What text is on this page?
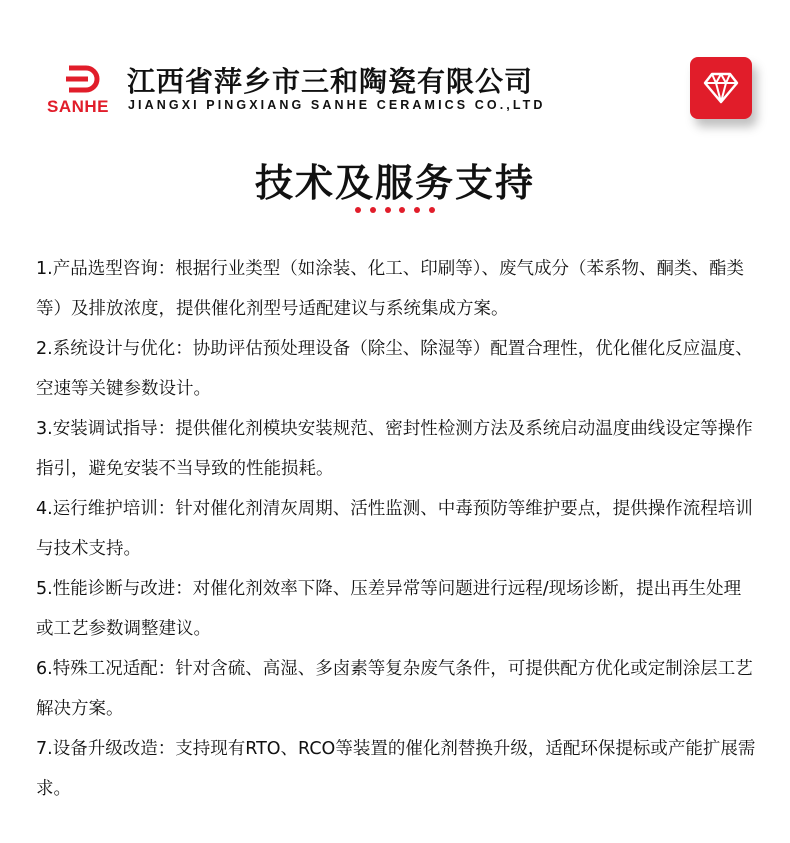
SANHE
江西省萍乡市三和陶瓷有限公司
JIANGXI PINGXIANG SANHE CERAMICS CO.,LTD
技术及服务支持
1.产品选型咨询：根据行业类型（如涂装、化工、印刷等）、废气成分（苯系物、酮类、酯类等）及排放浓度，提供催化剂型号适配建议与系统集成方案。
2.系统设计与优化：协助评估预处理设备（除尘、除湿等）配置合理性，优化催化反应温度、空速等关键参数设计。
3.安装调试指导：提供催化剂模块安装规范、密封性检测方法及系统启动温度曲线设定等操作指引，避免安装不当导致的性能损耗。
4.运行维护培训：针对催化剂清灰周期、活性监测、中毒预防等维护要点，提供操作流程培训与技术支持。
5.性能诊断与改进：对催化剂效率下降、压差异常等问题进行远程/现场诊断，提出再生处理或工艺参数调整建议。
6.特殊工况适配：针对含硫、高湿、多卤素等复杂废气条件，可提供配方优化或定制涂层工艺解决方案。
7.设备升级改造：支持现有RTO、RCO等装置的催化剂替换升级，适配环保提标或产能扩展需求。
